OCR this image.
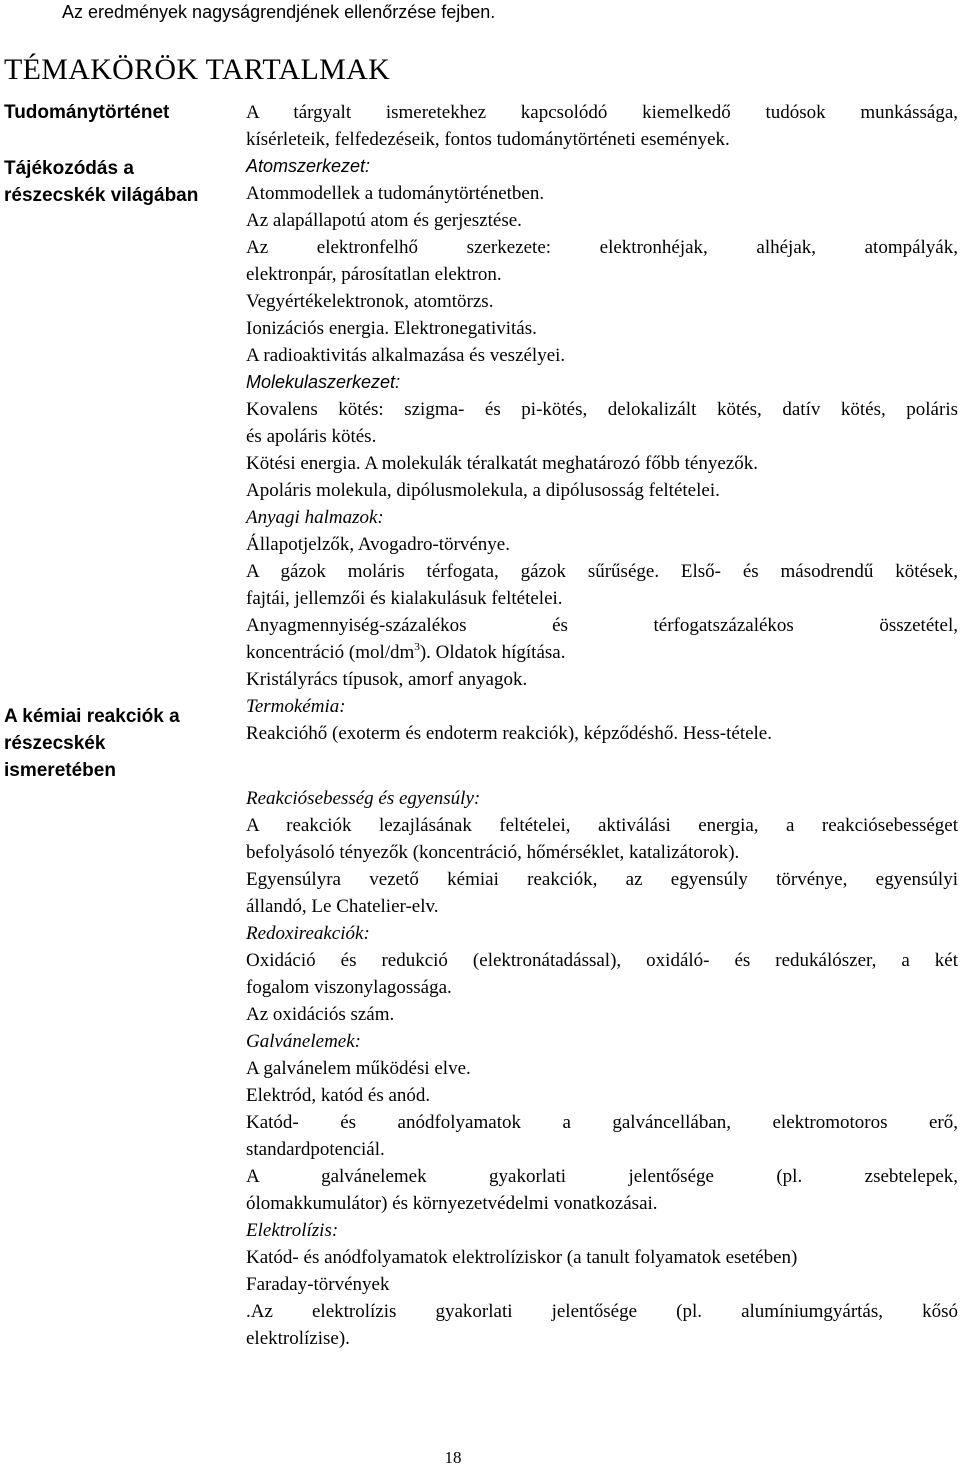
Az eredmények nagyságrendjének ellenőrzése fejben.
TÉMAKÖRÖK TARTALMAK
Tudománytörténet
Tájékozódás a
részecskék világában
A kémiai reakciók a
részecskék
ismeretében
A tárgyalt ismeretekhez kapcsolódó kiemelkedő tudósok munkássága,
kísérleteik, felfedezéseik, fontos tudománytörténeti események.
Atomszerkezet:
Atommodellek a tudománytörténetben.
Az alapállapotú atom és gerjesztése.
Az elektronfelhő szerkezete: elektronhéjak, alhéjak, atompályák,
elektronpár, párosítatlan elektron.
Vegyértékelektronok, atomtörzs.
Ionizációs energia. Elektronegativitás.
A radioaktivitás alkalmazása és veszélyei.
Molekulaszerkezet:
Kovalens kötés: szigma- és pi-kötés, delokalizált kötés, datív kötés, poláris
és apoláris kötés.
Kötési energia. A molekulák téralkatát meghatározó főbb tényezők.
Apoláris molekula, dipólusmolekula, a dipólusosság feltételei.
Anyagi halmazok:
Állapotjelzők, Avogadro-törvénye.
A gázok moláris térfogata, gázok sűrűsége. Első- és másodrendű kötések,
fajtái, jellemzői és kialakulásuk feltételei.
Anyagmennyiség-százalékos és térfogatszázalékos összetétel,
koncentráció $(mol/dm^3)$. Oldatok hígítása.
Kristályrács típusok, amorf anyagok.
Termokémia:
Reakcióhő (exoterm és endoterm reakciók), képződéshő. Hess-tétele.
Reakciósebesség és egyensúly:
A reakciók lezajlásának feltételei, aktiválási energia, a reakciósebességet
befolyásoló tényezők (koncentráció, hőmérséklet, katalizátorok).
Egyensúlyra vezető kémiai reakciók, az egyensúly törvénye, egyensúlyi
állandó, Le Chatelier-elv.
Redoxireakciók:
Oxidáció és redukció (elektronátadással), oxidáló- és redukálószer, a két
fogalom viszonylagossága.
Az oxidációs szám.
Galvánelemek:
A galvánelem működési elve.
Elektród, katód és anód.
Katód- és anódfolyamatok a galváncellában, elektromotoros erő,
standardpotenciál.
A galvánelemek gyakorlati jelentősége (pl. zsebtelepek,
ólomakkumulátor) és környezetvédelmi vonatkozásai.
Elektrolízis:
Katód- és anódfolyamatok elektrolíziskor (a tanult folyamatok esetében)
Faraday-törvények
.Az elektrolízis gyakorlati jelentősége (pl. alumíniumgyártás, kősó
elektrolízise).
18
